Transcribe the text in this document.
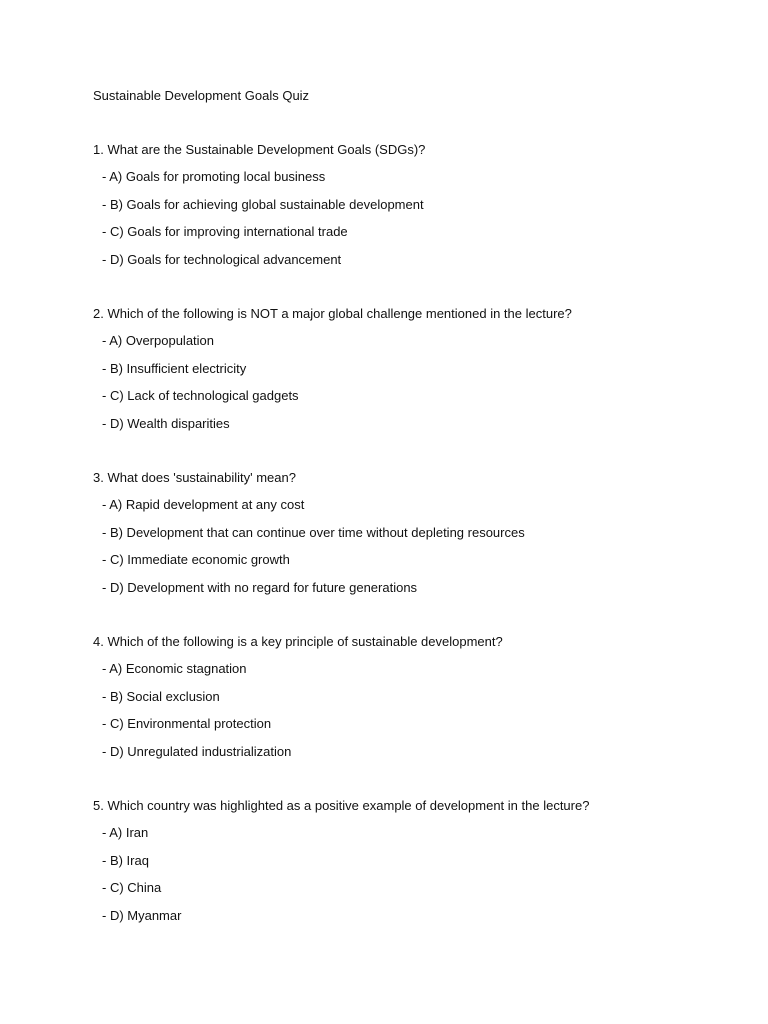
Sustainable Development Goals Quiz
1. What are the Sustainable Development Goals (SDGs)?
- A) Goals for promoting local business
- B) Goals for achieving global sustainable development
- C) Goals for improving international trade
- D) Goals for technological advancement
2. Which of the following is NOT a major global challenge mentioned in the lecture?
- A) Overpopulation
- B) Insufficient electricity
- C) Lack of technological gadgets
- D) Wealth disparities
3. What does 'sustainability' mean?
- A) Rapid development at any cost
- B) Development that can continue over time without depleting resources
- C) Immediate economic growth
- D) Development with no regard for future generations
4. Which of the following is a key principle of sustainable development?
- A) Economic stagnation
- B) Social exclusion
- C) Environmental protection
- D) Unregulated industrialization
5. Which country was highlighted as a positive example of development in the lecture?
- A) Iran
- B) Iraq
- C) China
- D) Myanmar
